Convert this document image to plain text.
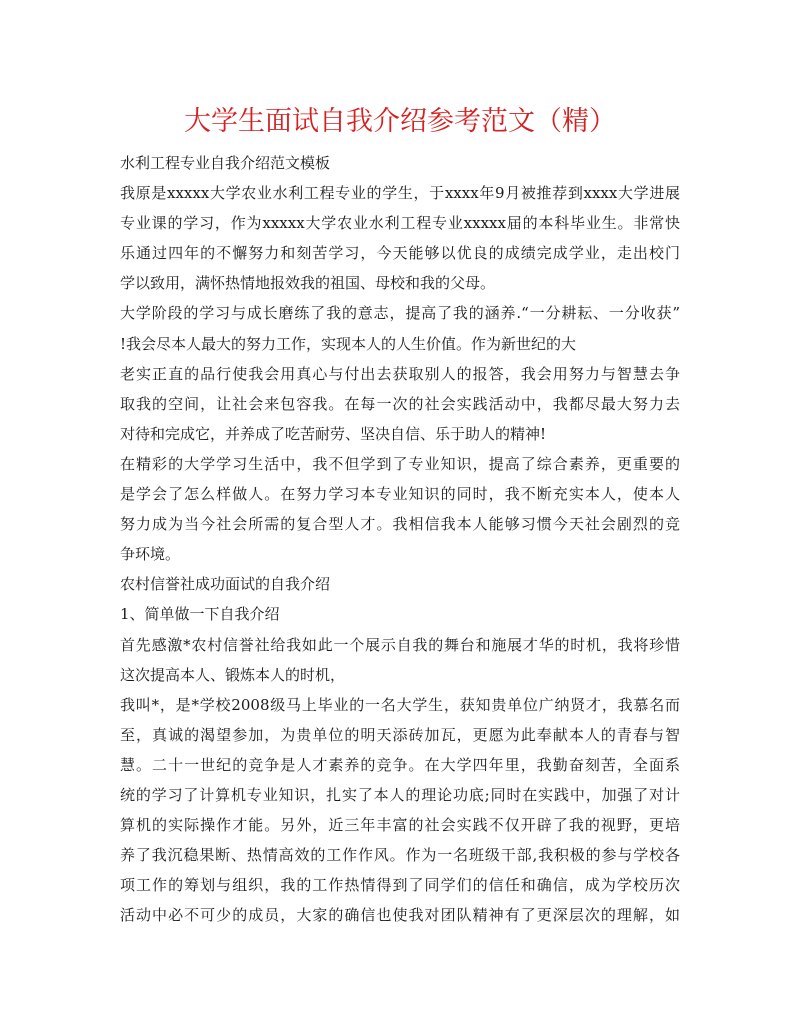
大学生面试自我介绍参考范文（精）
水利工程专业自我介绍范文模板
我原是xxxxx大学农业水利工程专业的学生，于xxxx年9月被推荐到xxxx大学进展
专业课的学习，作为xxxxx大学农业水利工程专业xxxxx届的本科毕业生。非常快
乐通过四年的不懈努力和刻苦学习，今天能够以优良的成绩完成学业，走出校门
学以致用，满怀热情地报效我的祖国、母校和我的父母。
大学阶段的学习与成长磨练了我的意志，提高了我的涵养.“一分耕耘、一分收获”
!我会尽本人最大的努力工作，实现本人的人生价值。作为新世纪的大
老实正直的品行使我会用真心与付出去获取别人的报答，我会用努力与智慧去争
取我的空间，让社会来包容我。在每一次的社会实践活动中，我都尽最大努力去
对待和完成它，并养成了吃苦耐劳、坚决自信、乐于助人的精神!
在精彩的大学学习生活中，我不但学到了专业知识，提高了综合素养，更重要的
是学会了怎么样做人。在努力学习本专业知识的同时，我不断充实本人，使本人
努力成为当今社会所需的复合型人才。我相信我本人能够习惯今天社会剧烈的竞
争环境。
农村信誉社成功面试的自我介绍
1、简单做一下自我介绍
首先感激*农村信誉社给我如此一个展示自我的舞台和施展才华的时机，我将珍惜
这次提高本人、锻炼本人的时机，
我叫*，是*学校2008级马上毕业的一名大学生，获知贵单位广纳贤才，我慕名而
至，真诚的渴望参加，为贵单位的明天添砖加瓦，更愿为此奉献本人的青春与智
慧。二十一世纪的竞争是人才素养的竞争。在大学四年里，我勤奋刻苦，全面系
统的学习了计算机专业知识，扎实了本人的理论功底;同时在实践中，加强了对计
算机的实际操作才能。另外，近三年丰富的社会实践不仅开辟了我的视野，更培
养了我沉稳果断、热情高效的工作作风。作为一名班级干部,我积极的参与学校各
项工作的筹划与组织，我的工作热情得到了同学们的信任和确信，成为学校历次
活动中必不可少的成员，大家的确信也使我对团队精神有了更深层次的理解，如
